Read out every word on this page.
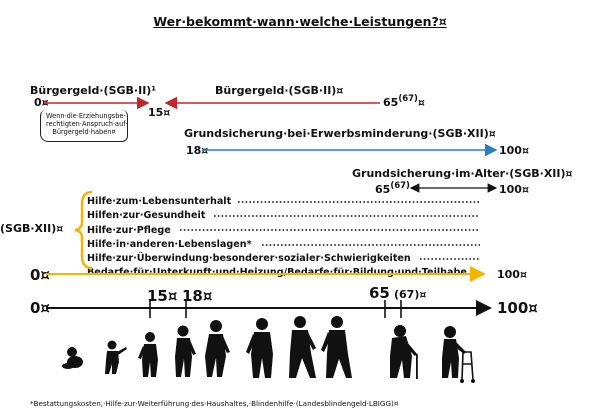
Wer·bekommt·wann·welche·Leistungen?¤
Bürgergeld·(SGB·II)¹	Bürgergeld·(SGB·II)¤
0¤
15¤
65$^{(67)}$¤
Wenn·die·Erziehungsbe-
rechtigten·Anspruch·auf·
Bürgergeld·haben¤	Grundsicherung·bei·Erwerbsminderung·(SGB·XII)¤
18¤	100¤
Grundsicherung·im·Alter·(SGB·XII)¤
65$^{(67)}$	100¤
(SGB·XII)¤
Hilfe·zum·Lebensunterhalt
Hilfen·zur·Gesundheit
Hilfe·zur·Pflege
Hilfe·in·anderen·Lebenslagen*
Hilfe·zur·Überwindung·besonderer·sozialer·Schwierigkeiten
Bedarfe·für·Unterkunft·und·Heizung/Bedarfe·für·Bildung·und·Teilhabe
0¤	100¤
0¤
15¤ 18¤	65 (67)¤
100¤
*Bestattungskosten,·Hilfe·zur·Weiterführung·des·Haushaltes,·Blindenhilfe·(Landesblindengeld·LBIGG)¤
